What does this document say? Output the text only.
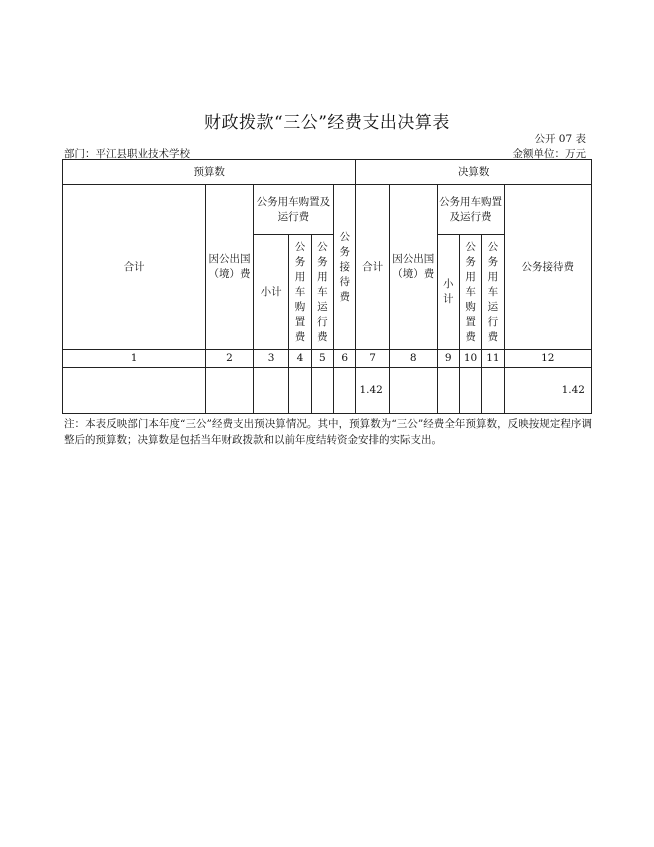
财政拨款“三公”经费支出决算表
公开 07 表
部门：平江县职业技术学校	金额单位：万元
预算数						决算数					
合计	因公出国（境）费	公务用车购置及运行费			公务接待费	合计	因公出国（境）费	公务用车购置及运行费			公务接待费
		小计	公务用车购置费	公务用车运行费				小计	公务用车购置费	公务用车运行费	
1	2	3	4	5	6	7	8	9	10	11	12
						1.42					1.42
注：本表反映部门本年度“三公”经费支出预决算情况。其中，预算数为“三公”经费全年预算数，反映按规定程序调整后的预算数；决算数是包括当年财政拨款和以前年度结转资金安排的实际支出。
